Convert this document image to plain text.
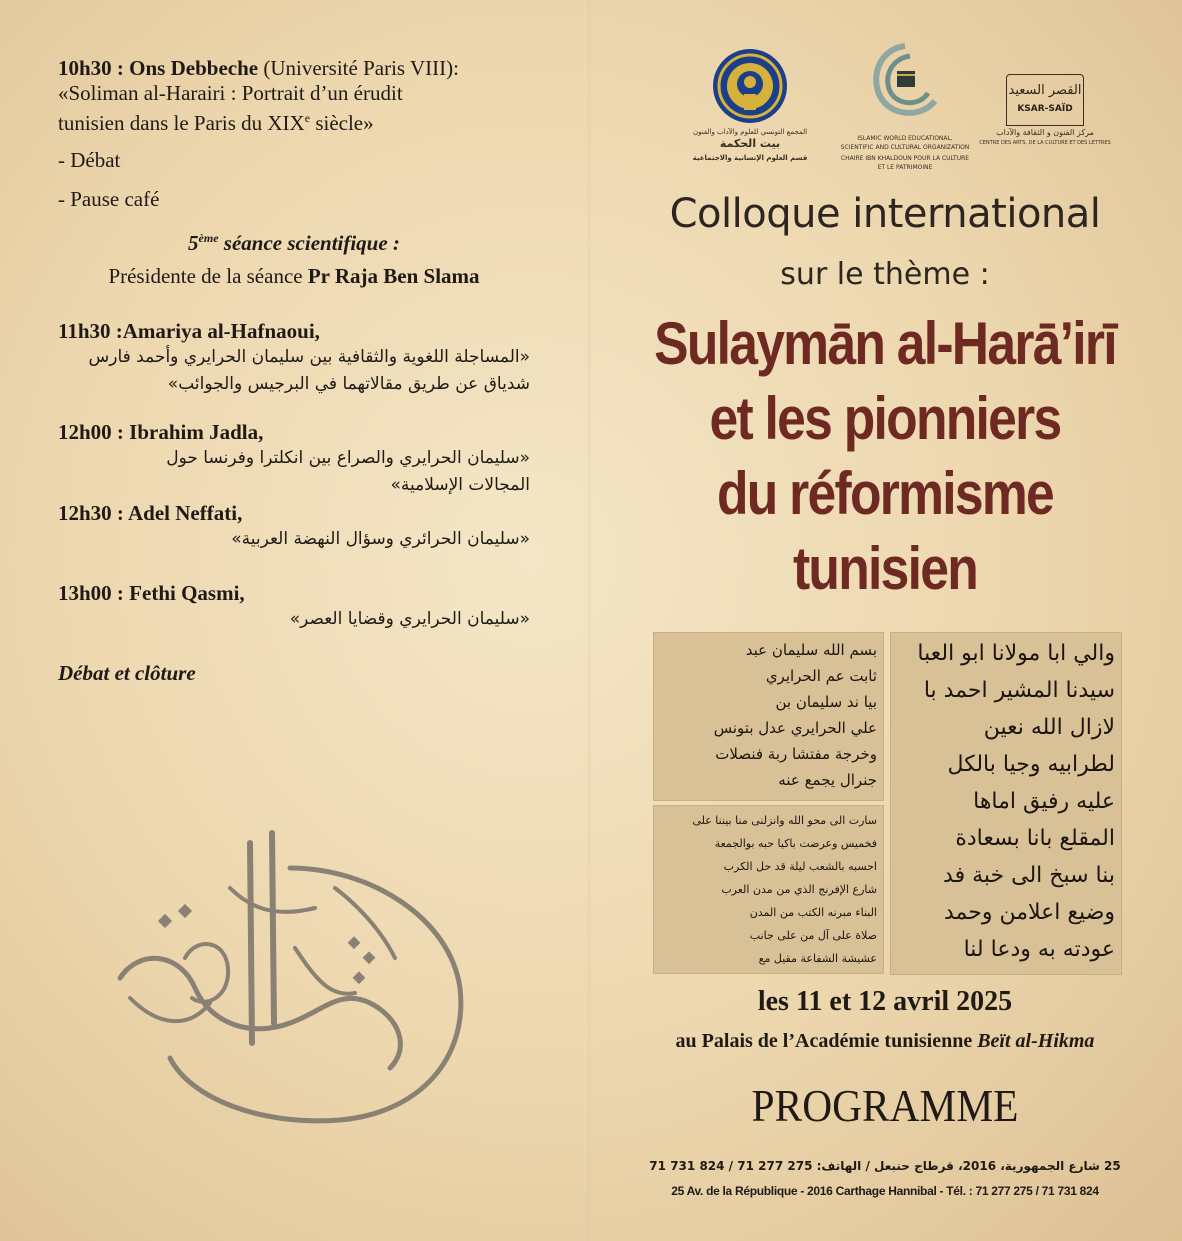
10h30 : Ons Debbeche (Université Paris VIII):
«Soliman al-Harairi : Portrait d’un érudit
tunisien dans le Paris du XIXe siècle»

- Débat

- Pause café

5ème séance scientifique :

Présidente de la séance Pr Raja Ben Slama

11h30 :Amariya al-Hafnaoui,

«المساجلة اللغوية والثقافية بين سليمان الحرايري وأحمد فارس

شدياق عن طريق مقالاتهما في البرجيس والجوائب»

12h00 : Ibrahim Jadla,

«سليمان الحرايري والصراع بين انكلترا وفرنسا حول

المجالات الإسلامية»

12h30 : Adel Neffati,

«سليمان الحرائري وسؤال النهضة العربية»

13h00 : Fethi Qasmi,

«سليمان الحرايري وقضايا العصر»

Débat et clôture

المجمع التونسي للعلوم والآداب والفنون
بيت الحكمة
قسم العلوم الإنسانية والاجتماعية
ISLAMIC WORLD EDUCATIONAL, SCIENTIFIC AND CULTURAL ORGANIZATION
CHAIRE IBN KHALDOUN POUR LA CULTURE ET LE PATRIMOINE
القصر السعيد
KSAR-SAÏD
مركز الفنون و الثقافة والآداب
CENTRE DES ARTS, DE LA CULTURE ET DES LETTRES
Colloque international
sur le thème :
Sulaymān al-Harā’irī
et les pionniers
du réformisme
tunisien
بسم الله سليمان عبد
ثابت عم الحرايري
بيا ند سليمان بن
علي الحرايري عدل بتونس
وخرجة مفتشا ربة فنصلات
جنرال يجمع عنه
والي ابا مولانا ابو العبا
سيدنا المشير احمد با
لازال الله نعين
لطرابيه وجيا بالكل
عليه رفيق اماها
المقلع بانا بسعادة
بنا سبخ الى خبة فد
وضيع اعلامن وحمد
عودته به ودعا لنا
سارت الى محو الله وانزلنى منا بيننا على
فخميس وعرضت باكيا حبه بوالجمعة
احسبه بالشعب ليلة قد حل الكرب
شارع الإفرنج الذي من مدن العرب
البناء مبرنه الكتب من المدن
صلاة على آل من على جانب
عشيشة الشفاعة مقيل مع
les 11 et 12 avril 2025
au Palais de l’Académie tunisienne Beït al-Hikma
PROGRAMME
25 شارع الجمهورية، 2016، قرطاج حنبعل / الهاتف: 275 277 71 / 824 731 71
25 Av. de la République - 2016 Carthage Hannibal - Tél. : 71 277 275 / 71 731 824
